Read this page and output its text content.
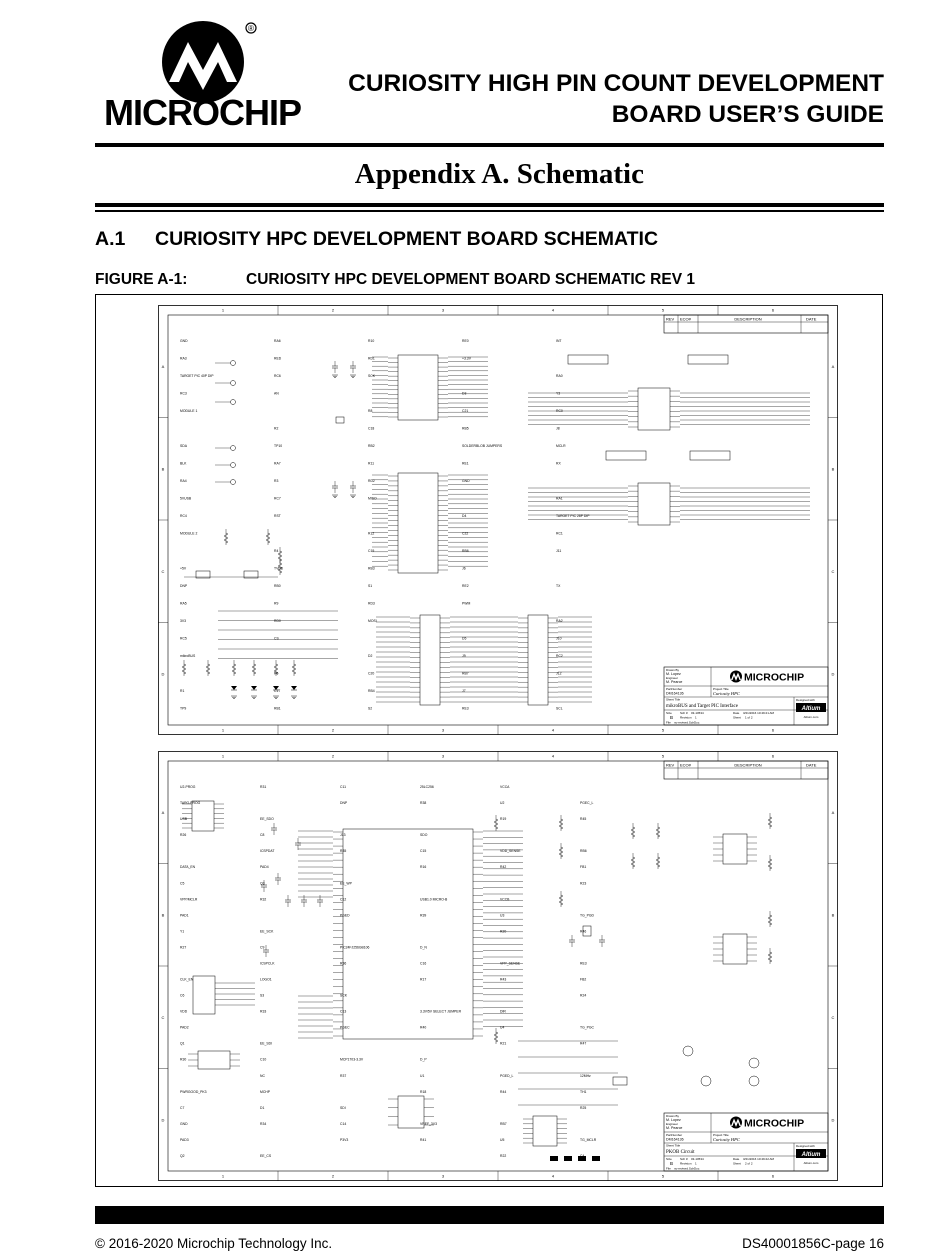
®
MICROCHIP
CURIOSITY HIGH PIN COUNT DEVELOPMENT
BOARD USER’S GUIDE
Appendix A. Schematic
A.1 CURIOSITY HPC DEVELOPMENT BOARD SCHEMATIC
FIGURE A-1:	CURIOSITY HPC DEVELOPMENT BOARD SCHEMATIC REV 1
1
1
2
2
3
3
4
4
5
5
6
6
A	A
B	B
C	C
D	D
REV ECO#	DESCRIPTION	DATE
Drawn By
M. Lopez
Engineer
M. Pearce
PartNumber
DM164136
Project Title
Curiosity HPC
Sheet Title
mikroBUS and Target PIC Interface
Size
B
Sch # 03-10534
Revision 1
Date 3/21/2016 10:49:21 AM
Sheet 1 of 2
File no-revised.SchDoc
Designed with
Altium
Altium.com
MICROCHIP
GND
BLK
DNP
TP9
TP10
TVDD
C17
C18
C19
C20
C21
C22
J9
Y3
TARGET PIC 28P DIP
J10
TARGET PIC 40P DIP
5VUSB
3V3
RED
R3
R9
R10
R11
S1
S2
SOLDERBLOB JUMPERS
J6
J7
J8
J11
J12
MODULE 1
MODULE 2
mikroBUS
AN
RST
CS
SCK
MISO
MOSI
+3.3V
GND
PWM
INT
RX
TX
SCL
SDA
+5V
R1
R2
R4
R6
R8
R12
D2
D3
D4
D5
RA0
RA1
RA2
RA3
RA4
RA5
RA6
RA7
RB0
RB1
RB2
RB3
RB4
RB5
RB6
RB7
RC0
RC1
RC2
RC3
RC4
RC5
RC6
RC7
RD0
RD1
RD2
RD3
RE0
RE1
RE2
RE3
MCLR
1
1
2
2
3
3
4
4
5
5
6
6
A	A
B	B
C	C
D	D
REV ECO#	DESCRIPTION	DATE
Drawn By
M. Lopez
Engineer
M. Pearce
PartNumber
DM164136
Project Title
Curiosity HPC
Sheet Title
PKOB Circuit
Size
B
Sch # 03-10534
Revision 1
Date 3/21/2016 10:49:22 AM
Sheet 2 of 2
File no-revised.SchDoc
Designed with
Altium
Altium.com
MICROCHIP
U2-PROG
VPP/MCLR
VDD
GND
ICSPDAT
ICSPCLK
NC
DNP
PGED
PGEC
P3V3
R16
R17
R18
R19
R20
R21
R22
R23
R24
R25
R26
R27
R30
R31
R32
R33
R34
R35
R36
R37
R38
R39
R40
R41
R42
R43
R44
R45
R46
R47
C4
C5
C6
C7
C8
C9
C10
C11
C12
C13
C14
C15
C16
U1
U2
U3
U4
U5
FB1
FB2
TH1
USB
Y1
Q1
Q2
Q3
S3
D1
J13
PIC24FJ256GB106
MCP1703-3.3V
25LC256
USB1.0 MICRO-B
3.3V/5V SELECT JUMPER
VREF_3V3
VDD_SENSE
VPP_SENSE
PGED_L
PGEC_L
TG_PGD
TG_PGC
TG_MCLR
DATA_EN
CLK_EN
PWRGOOD_PK3
EE_SDO
EE_SCK
EE_SDI
EE_CS
EE_WP
SCK
SDI
SDO
D_N
D_P
VCCA
VCCB
DIR
RB7
RB6
RE3
12MHz
TARG-PROG
PAD1
PAD2
PAD3
PAD4
LOGO1
MCHP
© 2016-2020 Microchip Technology Inc.	DS40001856C-page 16
